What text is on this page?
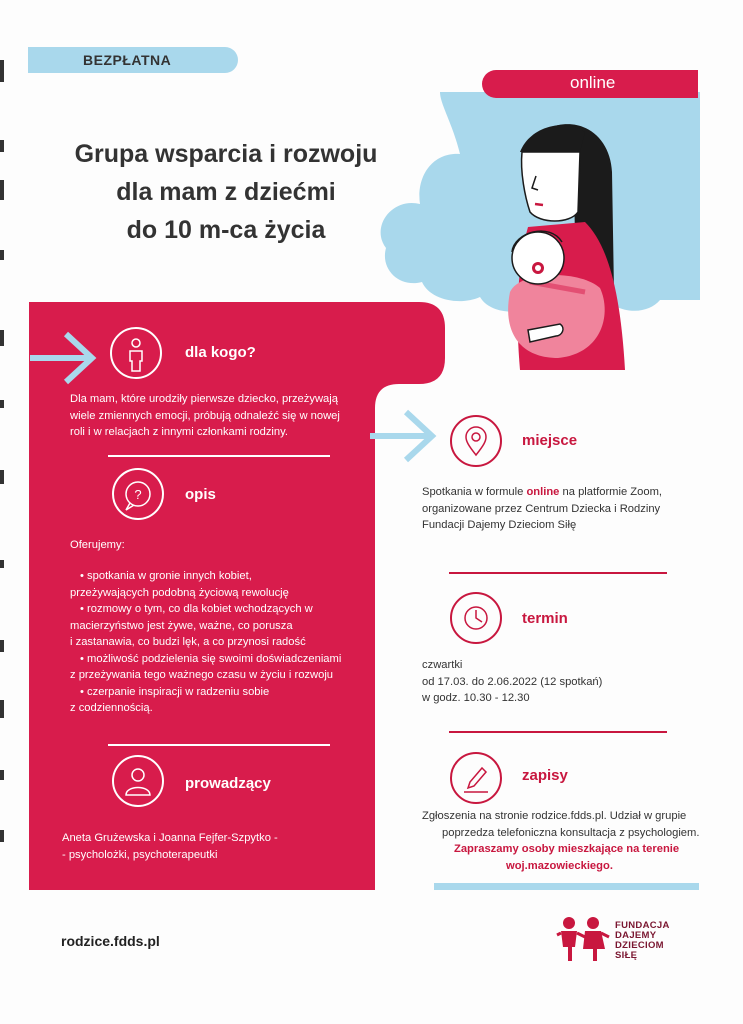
BEZPŁATNA
online
Grupa wsparcia i rozwoju
dla mam z dziećmi
do 10 m-ca życia
dla kogo?

Dla mam, które urodziły pierwsze dziecko, przeżywają

wiele zmiennych emocji, próbują odnaleźć się w nowej

roli i w relacjach z innymi członkami rodziny.

?	opis
Oferujemy:

• spotkania w gronie innych kobiet,

przeżywających podobną życiową rewolucję

• rozmowy o tym, co dla kobiet wchodzących w

macierzyństwo jest żywe, ważne, co porusza

i zastanawia, co budzi lęk, a co przynosi radość

• możliwość podzielenia się swoimi doświadczeniami

z przeżywania tego ważnego czasu w życiu i rozwoju

• czerpanie inspiracji w radzeniu sobie

z codziennością.

prowadzący

Aneta Grużewska i Joanna Fejfer-Szpytko -

- psycholożki, psychoterapeutki

miejsce

Spotkania w formule online na platformie Zoom,

organizowane przez Centrum Dziecka i Rodziny

Fundacji Dajemy Dzieciom Siłę

termin

czwartki

od 17.03. do 2.06.2022 (12 spotkań)

w godz. 10.30 - 12.30

zapisy

Zgłoszenia na stronie rodzice.fdds.pl. Udział w grupie

poprzedza telefoniczna konsultacja z psychologiem.

Zapraszamy osoby mieszkające na terenie

woj.mazowieckiego.

rodzice.fdds.pl
FUNDACJA
DAJEMY
DZIECIOM
SIŁĘ
